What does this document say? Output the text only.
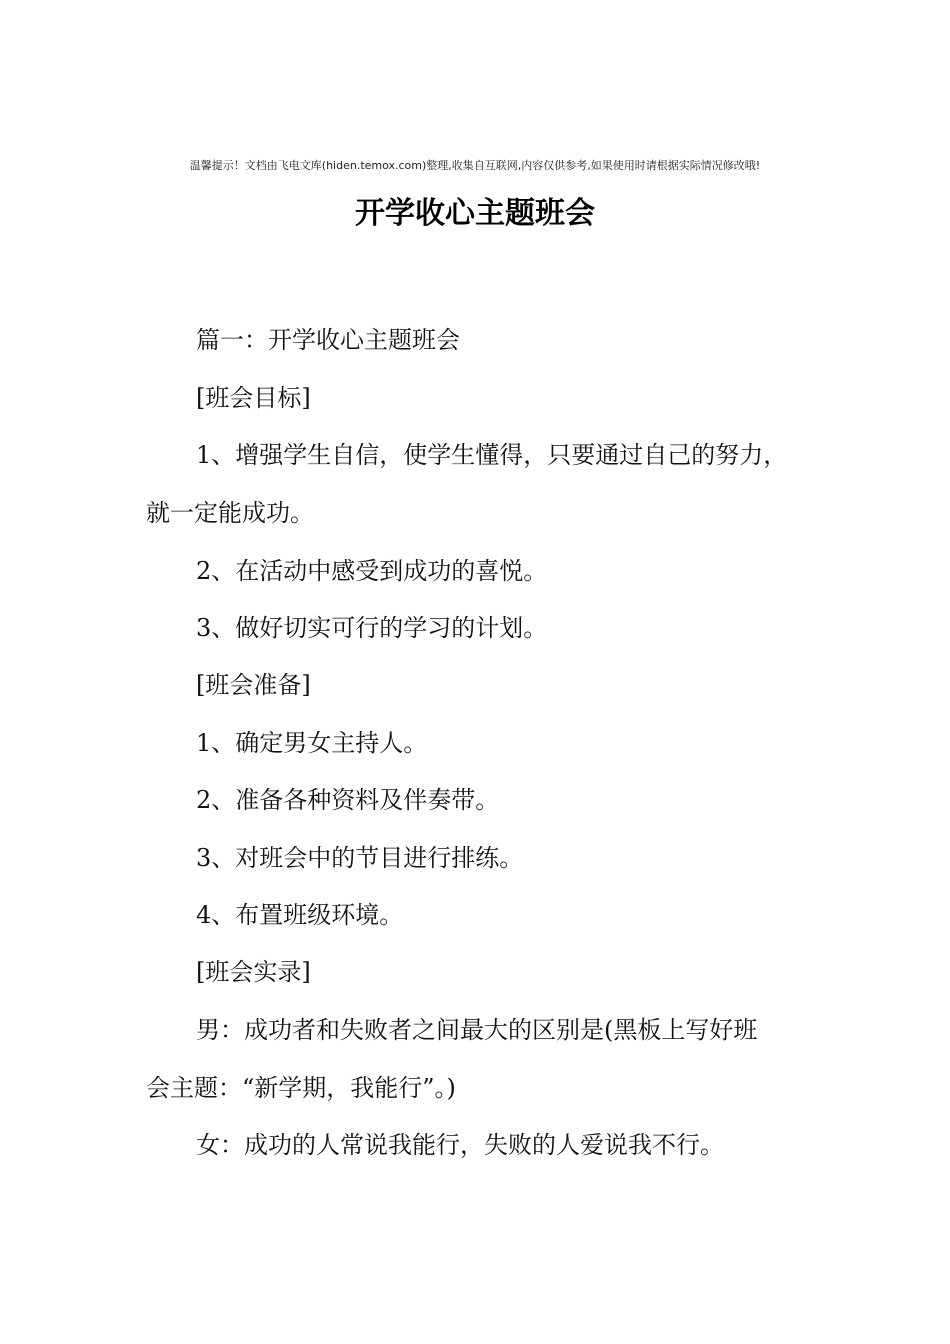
温馨提示！文档由飞电文库(hiden.temox.com)整理,收集自互联网,内容仅供参考,如果使用时请根据实际情况修改哦!
开学收心主题班会
篇一：开学收心主题班会
[班会目标]
1、增强学生自信，使学生懂得，只要通过自己的努力，
就一定能成功。
2、在活动中感受到成功的喜悦。
3、做好切实可行的学习的计划。
[班会准备]
1、确定男女主持人。
2、准备各种资料及伴奏带。
3、对班会中的节目进行排练。
4、布置班级环境。
[班会实录]
男：成功者和失败者之间最大的区别是(黑板上写好班
会主题：“新学期，我能行”。)
女：成功的人常说我能行，失败的人爱说我不行。
